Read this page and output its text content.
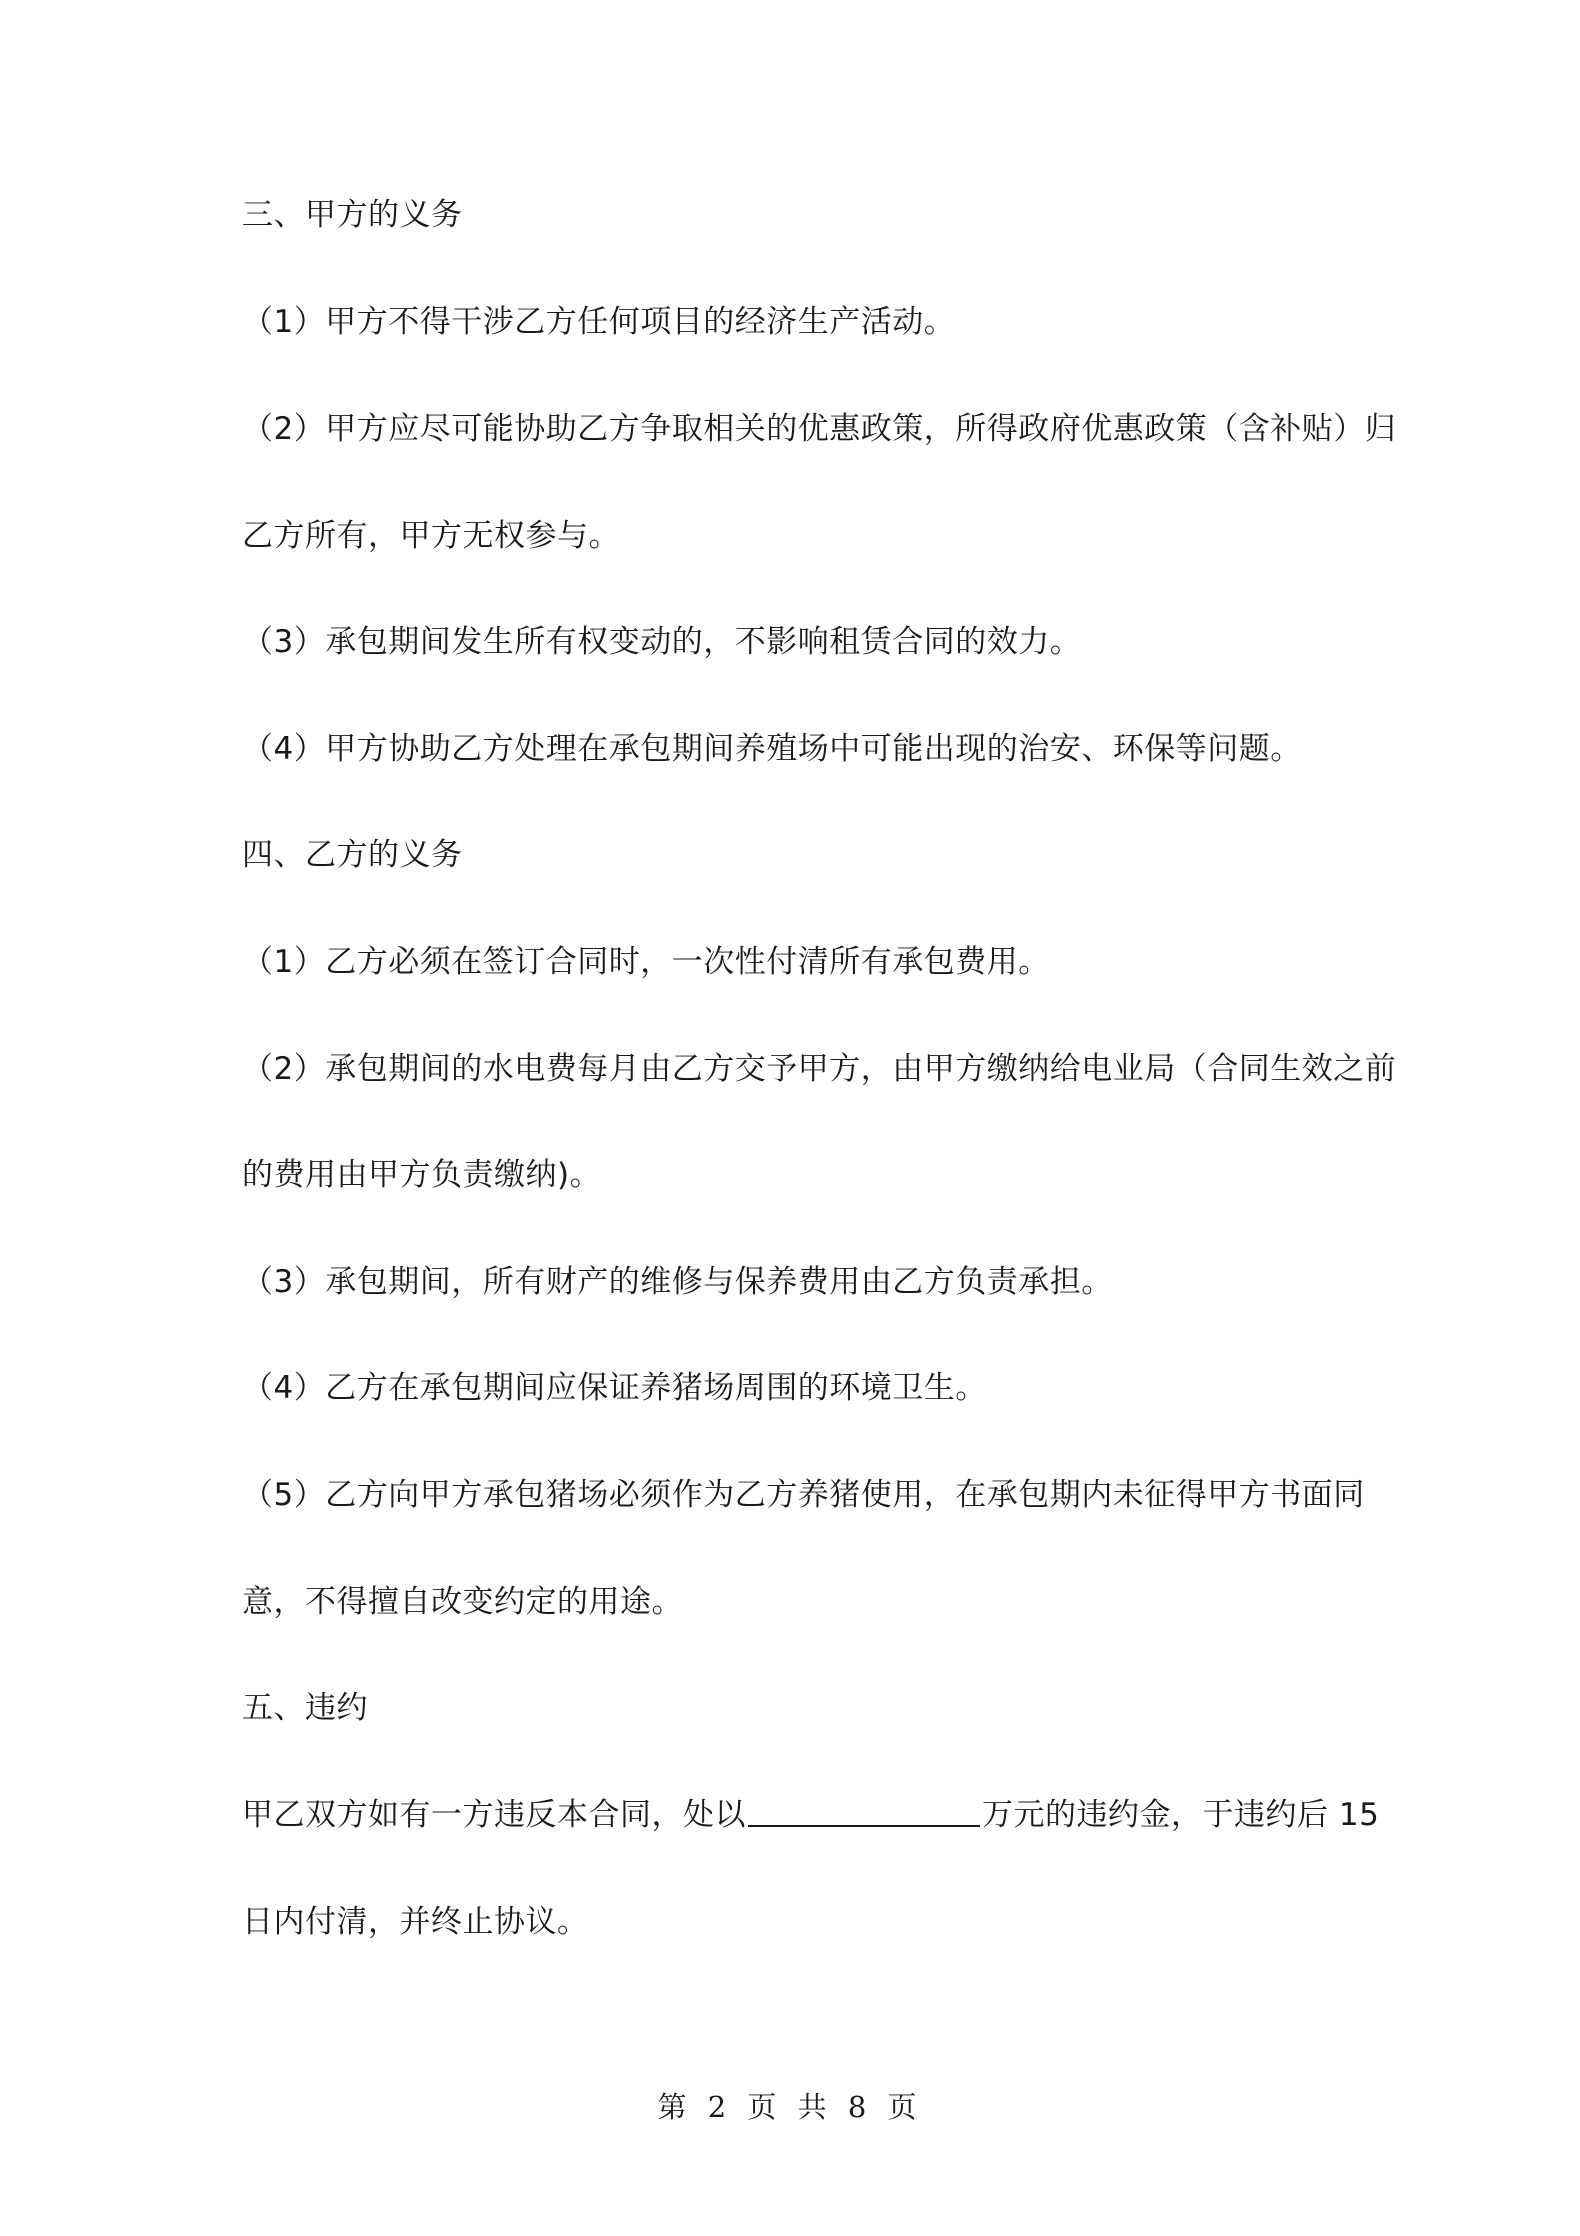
三、甲方的义务
（1）甲方不得干涉乙方任何项目的经济生产活动。
（2）甲方应尽可能协助乙方争取相关的优惠政策，所得政府优惠政策（含补贴）归
乙方所有，甲方无权参与。
（3）承包期间发生所有权变动的，不影响租赁合同的效力。
（4）甲方协助乙方处理在承包期间养殖场中可能出现的治安、环保等问题。
四、乙方的义务
（1）乙方必须在签订合同时，一次性付清所有承包费用。
（2）承包期间的水电费每月由乙方交予甲方，由甲方缴纳给电业局（合同生效之前
的费用由甲方负责缴纳)。
（3）承包期间，所有财产的维修与保养费用由乙方负责承担。
（4）乙方在承包期间应保证养猪场周围的环境卫生。
（5）乙方向甲方承包猪场必须作为乙方养猪使用，在承包期内未征得甲方书面同
意，不得擅自改变约定的用途。
五、违约
甲乙双方如有一方违反本合同，处以	万元的违约金，于违约后 15
日内付清，并终止协议。
第 2 页 共 8 页
